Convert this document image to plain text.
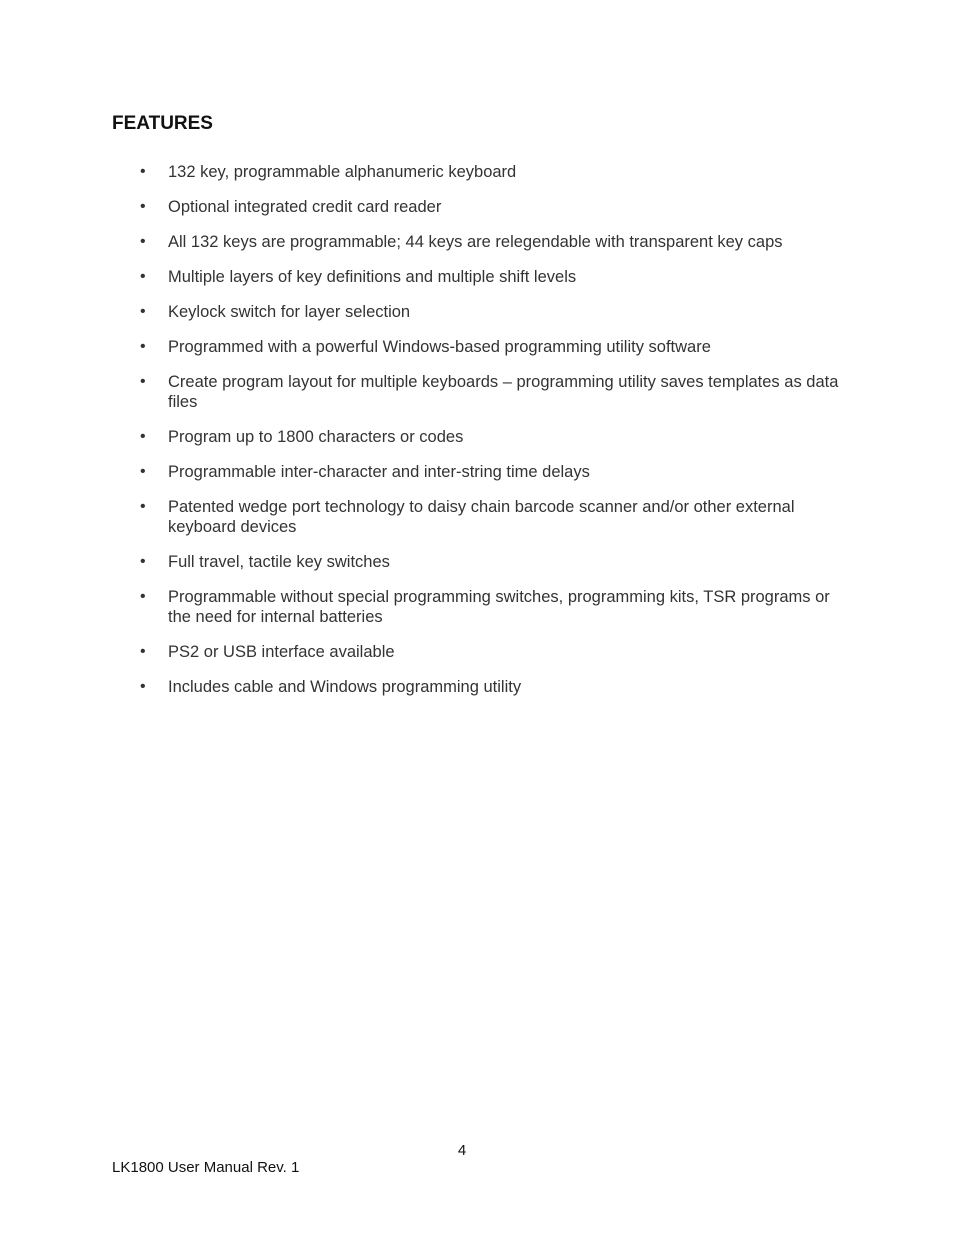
FEATURES
• 132 key, programmable alphanumeric keyboard
• Optional integrated credit card reader
• All 132 keys are programmable; 44 keys are relegendable with transparent key caps
• Multiple layers of key definitions and multiple shift levels
• Keylock switch for layer selection
• Programmed with a powerful Windows-based programming utility software
• Create program layout for multiple keyboards – programming utility saves templates as data files
• Program up to 1800 characters or codes
• Programmable inter-character and inter-string time delays
• Patented wedge port technology to daisy chain barcode scanner and/or other external keyboard devices
• Full travel, tactile key switches
• Programmable without special programming switches, programming kits, TSR programs or the need for internal batteries
• PS2 or USB interface available
• Includes cable and Windows programming utility
4
LK1800 User Manual Rev. 1
